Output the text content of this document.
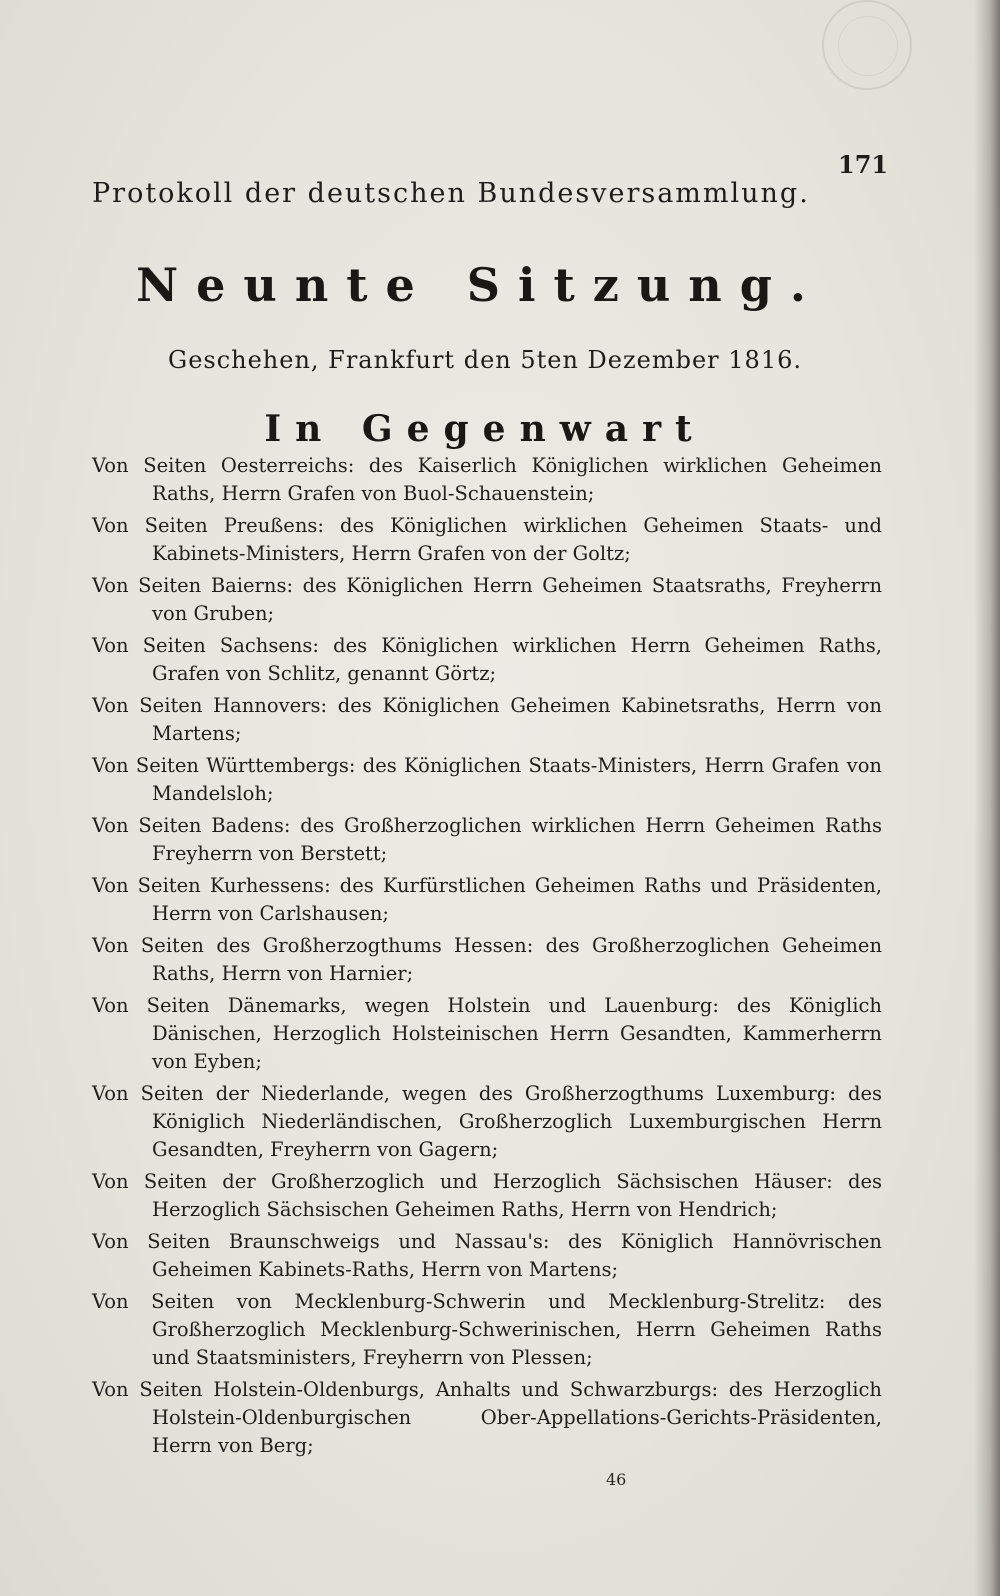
171
Protokoll der deutschen Bundesversammlung.
Neunte Sitzung.
Geschehen, Frankfurt den 5ten Dezember 1816.
In Gegenwart
Von Seiten Oesterreichs: des Kaiserlich Königlichen wirklichen Geheimen Raths, Herrn Grafen von Buol-Schauenstein;
Von Seiten Preußens: des Königlichen wirklichen Geheimen Staats- und Kabinets-Ministers, Herrn Grafen von der Goltz;
Von Seiten Baierns: des Königlichen Herrn Geheimen Staatsraths, Freyherrn von Gruben;
Von Seiten Sachsens: des Königlichen wirklichen Herrn Geheimen Raths, Grafen von Schlitz, genannt Görtz;
Von Seiten Hannovers: des Königlichen Geheimen Kabinetsraths, Herrn von Martens;
Von Seiten Württembergs: des Königlichen Staats-Ministers, Herrn Grafen von Mandelsloh;
Von Seiten Badens: des Großherzoglichen wirklichen Herrn Geheimen Raths Freyherrn von Berstett;
Von Seiten Kurhessens: des Kurfürstlichen Geheimen Raths und Präsidenten, Herrn von Carlshausen;
Von Seiten des Großherzogthums Hessen: des Großherzoglichen Geheimen Raths, Herrn von Harnier;
Von Seiten Dänemarks, wegen Holstein und Lauenburg: des Königlich Dänischen, Herzoglich Holsteinischen Herrn Gesandten, Kammerherrn von Eyben;
Von Seiten der Niederlande, wegen des Großherzogthums Luxemburg: des Königlich Niederländischen, Großherzoglich Luxemburgischen Herrn Gesandten, Freyherrn von Gagern;
Von Seiten der Großherzoglich und Herzoglich Sächsischen Häuser: des Herzoglich Sächsischen Geheimen Raths, Herrn von Hendrich;
Von Seiten Braunschweigs und Nassau's: des Königlich Hannövrischen Geheimen Kabinets-Raths, Herrn von Martens;
Von Seiten von Mecklenburg-Schwerin und Mecklenburg-Strelitz: des Großherzoglich Mecklenburg-Schwerinischen, Herrn Geheimen Raths und Staatsministers, Freyherrn von Plessen;
Von Seiten Holstein-Oldenburgs, Anhalts und Schwarzburgs: des Herzoglich Holstein-Oldenburgischen Ober-Appellations-Gerichts-Präsidenten, Herrn von Berg;
46
